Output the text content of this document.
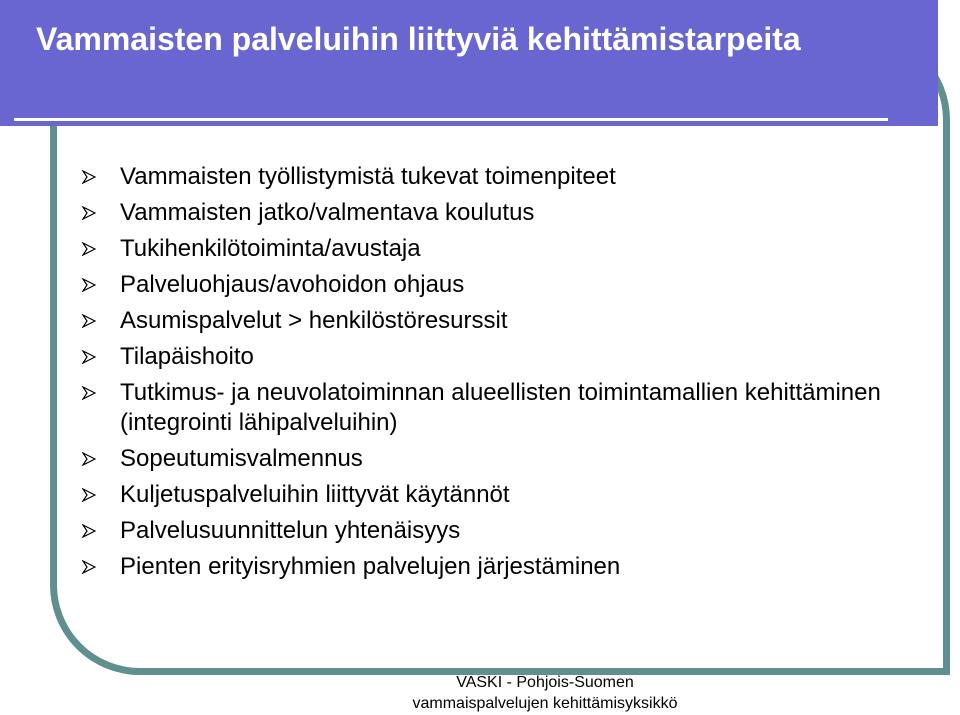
Vammaisten palveluihin liittyviä kehittämistarpeita
Vammaisten työllistymistä tukevat toimenpiteet
Vammaisten jatko/valmentava koulutus
Tukihenkilötoiminta/avustaja
Palveluohjaus/avohoidon ohjaus
Asumispalvelut > henkilöstöresurssit
Tilapäishoito
Tutkimus- ja neuvolatoiminnan alueellisten toimintamallien kehittäminen (integrointi lähipalveluihin)
Sopeutumisvalmennus
Kuljetuspalveluihin liittyvät käytännöt
Palvelusuunnittelun yhtenäisyys
Pienten erityisryhmien palvelujen järjestäminen
VASKI - Pohjois-Suomen
vammaispalvelujen kehittämisyksikkö
